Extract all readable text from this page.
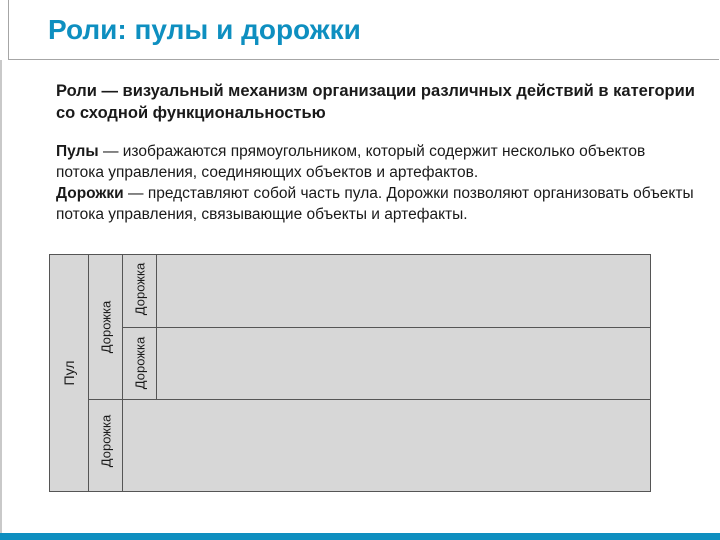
Роли: пулы и дорожки

Роли — визуальный механизм организации различных действий в категории со сходной функциональностью

Пулы — изображаются прямоугольником, который содержит несколько объектов потока управления, соединяющих объектов и артефактов.
Дорожки — представляют собой часть пула. Дорожки позволяют организовать объекты потока управления, связывающие объекты и артефакты.

Пул
Дорожка
Дорожка
Дорожка
Дорожка
